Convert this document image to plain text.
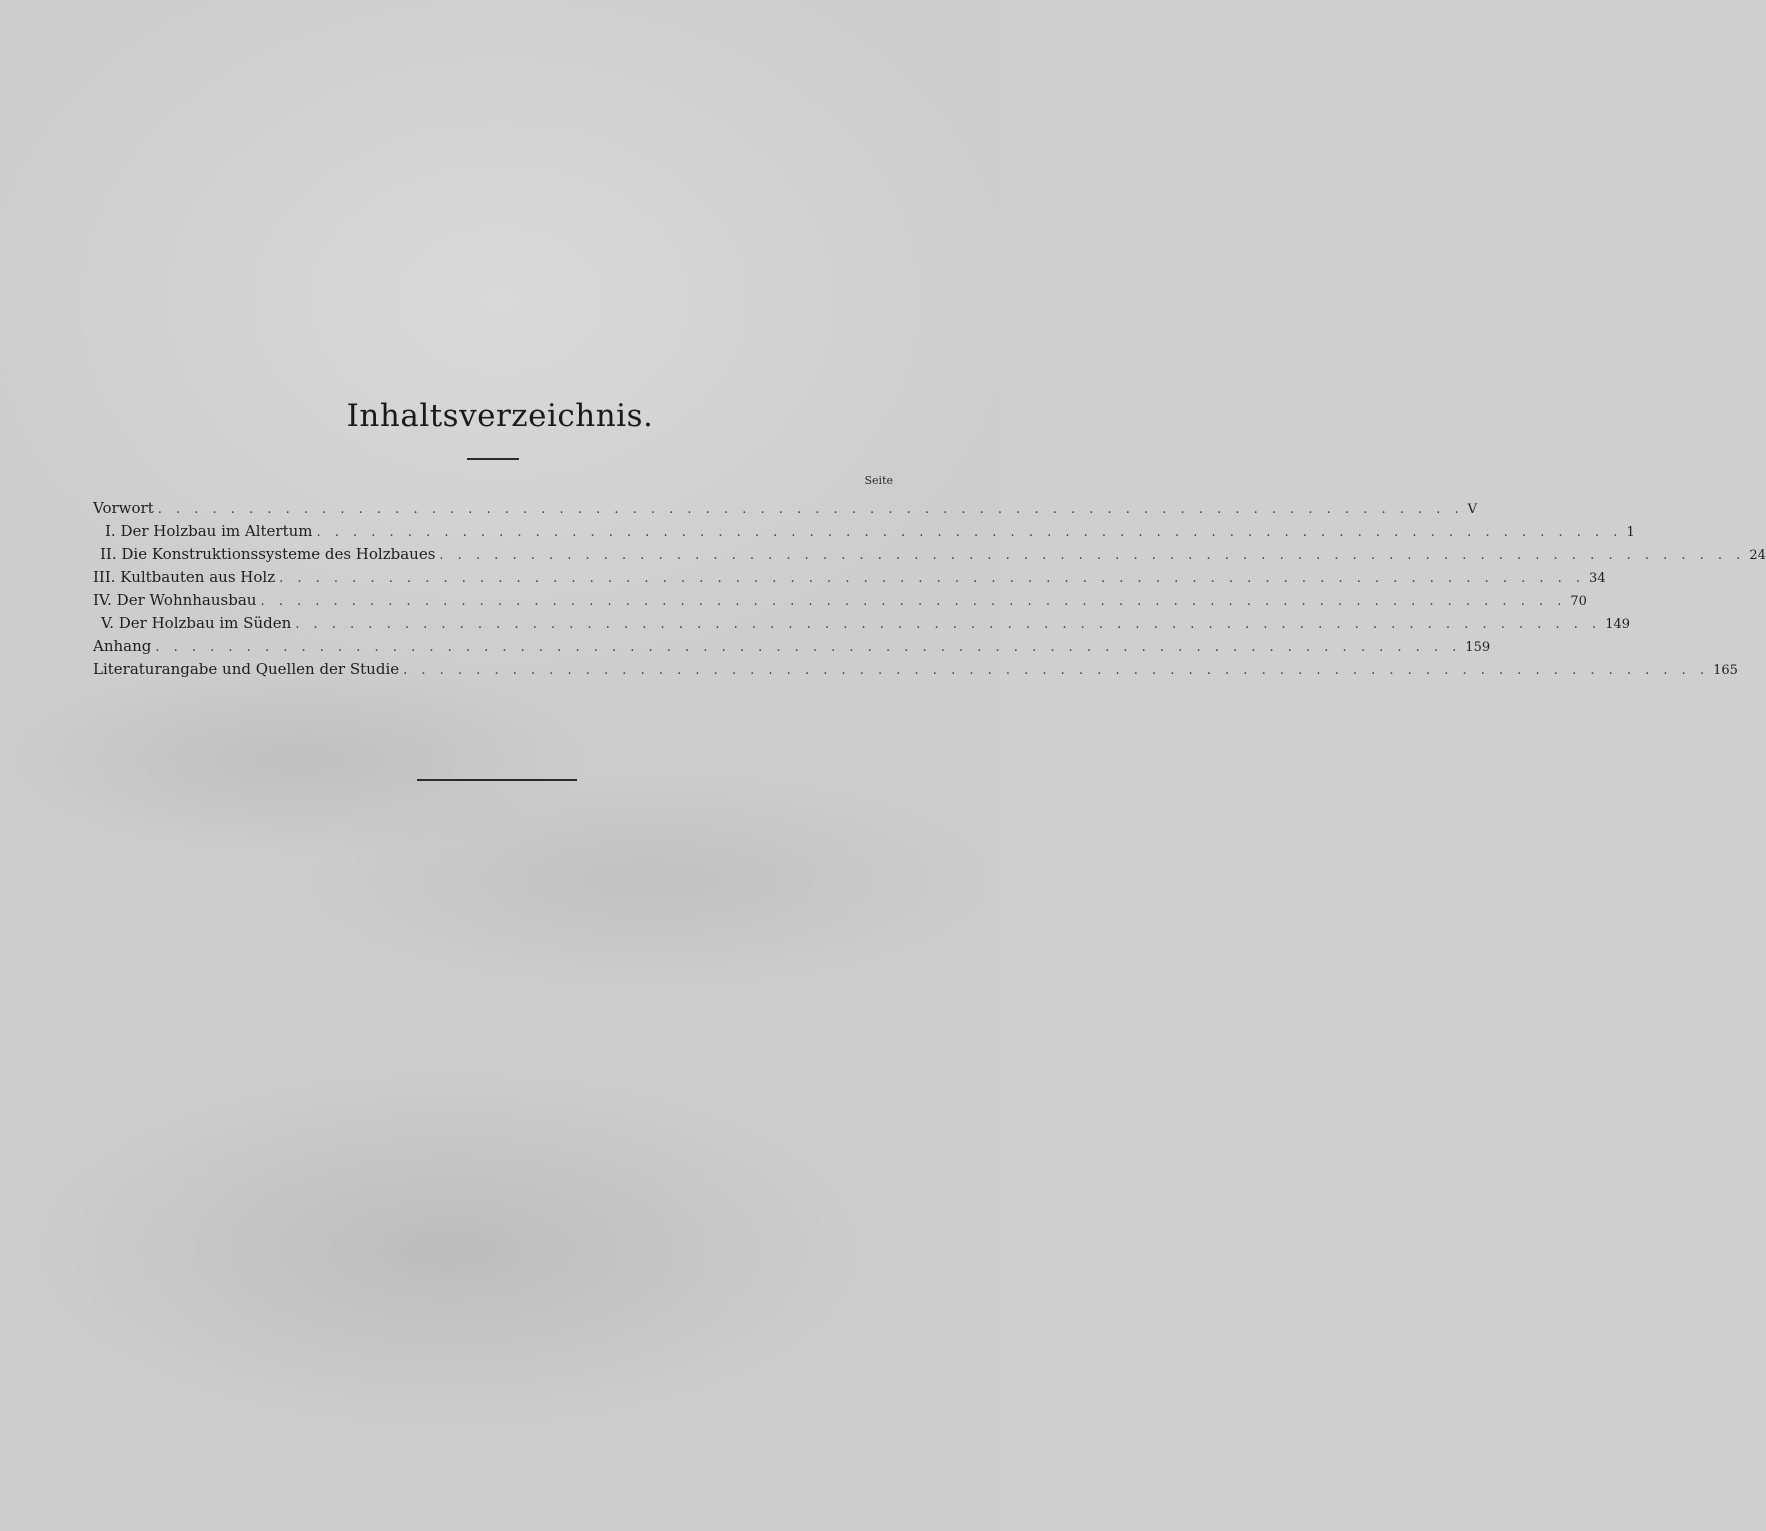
Inhaltsverzeichnis.
Seite
Vorwort . . . . . . . . . . . . . . . . . . . . . . . . . . . . . . . . . . . . . . . . . . . . . . . . . . . . . . . . . . . . . . . . . . . . . . . . V
I. Der Holzbau im Altertum . . . . . . . . . . . . . . . . . . . . . . . . . . . . . . . . . . . . . . . . . . . . . . . . . . . . . . . . . . . . . . . . . . . . . . . . 1
II. Die Konstruktionssysteme des Holzbaues . . . . . . . . . . . . . . . . . . . . . . . . . . . . . . . . . . . . . . . . . . . . . . . . . . . . . . . . . . . . . . . . . . . . . . . . 24
III. Kultbauten aus Holz . . . . . . . . . . . . . . . . . . . . . . . . . . . . . . . . . . . . . . . . . . . . . . . . . . . . . . . . . . . . . . . . . . . . . . . . 34
IV. Der Wohnhausbau . . . . . . . . . . . . . . . . . . . . . . . . . . . . . . . . . . . . . . . . . . . . . . . . . . . . . . . . . . . . . . . . . . . . . . . . 70
V. Der Holzbau im Süden . . . . . . . . . . . . . . . . . . . . . . . . . . . . . . . . . . . . . . . . . . . . . . . . . . . . . . . . . . . . . . . . . . . . . . . . 149
Anhang . . . . . . . . . . . . . . . . . . . . . . . . . . . . . . . . . . . . . . . . . . . . . . . . . . . . . . . . . . . . . . . . . . . . . . . . 159
Literaturangabe und Quellen der Studie . . . . . . . . . . . . . . . . . . . . . . . . . . . . . . . . . . . . . . . . . . . . . . . . . . . . . . . . . . . . . . . . . . . . . . . . 165
